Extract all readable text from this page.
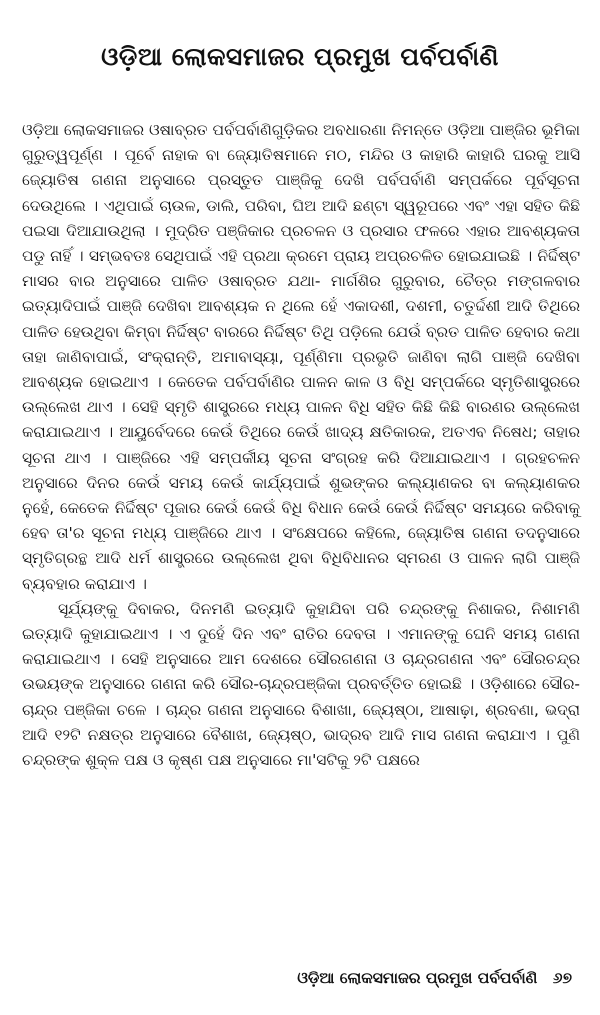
ଓଡ଼ିଆ ଲୋକସମାଜର ପ୍ରମୁଖ ପର୍ବପର୍ବାଣି

ଓଡ଼ିଆ ଲୋକସମାଜର ଓଷାବ୍ରତ ପର୍ବପର୍ବାଣିଗୁଡ଼ିକର ଅବଧାରଣା ନିମନ୍ତେ ଓଡ଼ିଆ ପାଞ୍ଜିର ଭୂମିକା ଗୁରୁତ୍ୱପୂର୍ଣ୍ଣ । ପୂର୍ବେ ନାହାକ ବା ଜ୍ୟୋତିଷମାନେ ମଠ, ମନ୍ଦିର ଓ କାହାରି କାହାରି ଘରକୁ ଆସି ଜ୍ୟୋତିଷ ଗଣନା ଅନୁସାରେ ପ୍ରସ୍ତୁତ ପାଞ୍ଜିକୁ ଦେଖି ପର୍ବପର୍ବାଣି ସମ୍ପର୍କରେ ପୂର୍ବସୂଚନା ଦେଉଥିଲେ । ଏଥିପାଇଁ ଚାଉଳ, ଡାଲି, ପରିବା, ଘିଅ ଆଦି ଛଣ୍ଟା ସ୍ୱରୂପରେ ଏବଂ ଏହା ସହିତ କିଛି ପଇସା ଦିଆଯାଉଥିଲା । ମୁଦ୍ରିତ ପଞ୍ଜିକାର ପ୍ରଚଳନ ଓ ପ୍ରସାର ଫଳରେ ଏହାର ଆବଶ୍ୟକତା ପଡୁ ନାହିଁ । ସମ୍ଭବତଃ ସେଥିପାଇଁ ଏହି ପ୍ରଥା କ୍ରମେ ପ୍ରାୟ ଅପ୍ରଚଳିତ ହୋଇଯାଇଛି । ନିର୍ଦ୍ଦିଷ୍ଟ ମାସର ବାର ଅନୁସାରେ ପାଳିତ ଓଷାବ୍ରତ ଯଥା- ମାର୍ଗଶିର ଗୁରୁବାର, ଚୈତ୍ର ମଙ୍ଗଳବାର ଇତ୍ୟାଦିପାଇଁ ପାଞ୍ଜି ଦେଖିବା ଆବଶ୍ୟକ ନ ଥିଲେ ହେଁ ଏକାଦଶୀ, ଦଶମୀ, ଚତୁର୍ଦ୍ଦଶୀ ଆଦି ତିଥିରେ ପାଳିତ ହେଉଥିବା କିମ୍ବା ନିର୍ଦ୍ଦିଷ୍ଟ ବାରରେ ନିର୍ଦ୍ଦିଷ୍ଟ ତିଥି ପଡ଼ିଲେ ଯେଉଁ ବ୍ରତ ପାଳିତ ହେବାର କଥା ତାହା ଜାଣିବାପାଇଁ, ସଂକ୍ରାନ୍ତି, ଅମାବାସ୍ୟା, ପୂର୍ଣ୍ଣିମା ପ୍ରଭୃତି ଜାଣିବା ଲାଗି ପାଞ୍ଜି ଦେଖିବା ଆବଶ୍ୟକ ହୋଇଥାଏ । କେତେକ ପର୍ବପର୍ବାଣିର ପାଳନ କାଳ ଓ ବିଧି ସମ୍ପର୍କରେ ସ୍ମୃତିଶାସ୍ତ୍ରରେ ଉଲ୍ଲେଖ ଥାଏ । ସେହି ସ୍ମୃତି ଶାସ୍ତ୍ରରେ ମଧ୍ୟ ପାଳନ ବିଧି ସହିତ କିଛି କିଛି ବାରଣର ଉଲ୍ଲେଖ କରାଯାଇଥାଏ । ଆୟୁର୍ବେଦରେ କେଉଁ ତିଥିରେ କେଉଁ ଖାଦ୍ୟ କ୍ଷତିକାରକ, ଅତଏବ ନିଷେଧ; ତାହାର ସୂଚନା ଥାଏ । ପାଞ୍ଜିରେ ଏହି ସମ୍ପର୍କୀୟ ସୂଚନା ସଂଗ୍ରହ କରି ଦିଆଯାଇଥାଏ । ଗ୍ରହଚଳନ ଅନୁସାରେ ଦିନର କେଉଁ ସମୟ କେଉଁ କାର୍ଯ୍ୟପାଇଁ ଶୁଭଙ୍କର କଲ୍ୟାଣକର ବା କଲ୍ୟାଣକର ନୁହେଁ, କେତେକ ନିର୍ଦ୍ଦିଷ୍ଟ ପୂଜାର କେଉଁ କେଉଁ ବିଧି ବିଧାନ କେଉଁ କେଉଁ ନିର୍ଦ୍ଦିଷ୍ଟ ସମୟରେ କରିବାକୁ ହେବ ତା'ର ସୂଚନା ମଧ୍ୟ ପାଞ୍ଜିରେ ଥାଏ । ସଂକ୍ଷେପରେ କହିଲେ, ଜ୍ୟୋତିଷ ଗଣନା ତଦନୁସାରେ ସ୍ମୃତିଗ୍ରନ୍ଥ ଆଦି ଧର୍ମ ଶାସ୍ତ୍ରରେ ଉଲ୍ଲେଖ ଥିବା ବିଧିବିଧାନର ସ୍ମରଣ ଓ ପାଳନ ଲାଗି ପାଞ୍ଜି ବ୍ୟବହାର କରାଯାଏ ।

ସୂର୍ଯ୍ୟଙ୍କୁ ଦିବାକର, ଦିନମଣି ଇତ୍ୟାଦି କୁହାଯିବା ପରି ଚନ୍ଦ୍ରଙ୍କୁ ନିଶାକର, ନିଶାମଣି ଇତ୍ୟାଦି କୁହାଯାଇଥାଏ । ଏ ଦୁହେଁ ଦିନ ଏବଂ ରାତିର ଦେବତା । ଏମାନଙ୍କୁ ଘେନି ସମୟ ଗଣନା କରାଯାଇଥାଏ । ସେହି ଅନୁସାରେ ଆମ ଦେଶରେ ସୌରଗଣନା ଓ ଚାନ୍ଦ୍ରଗଣନା ଏବଂ ସୌରଚନ୍ଦ୍ର ଉଭୟଙ୍କ ଅନୁସାରେ ଗଣନା କରି ସୌର-ଚାନ୍ଦ୍ରପଞ୍ଜିକା ପ୍ରବର୍ତ୍ତିତ ହୋଇଛି । ଓଡ଼ିଶାରେ ସୌର-ଚାନ୍ଦ୍ର ପଞ୍ଜିକା ଚଳେ । ଚାନ୍ଦ୍ର ଗଣନା ଅନୁସାରେ ବିଶାଖା, ଜ୍ୟେଷ୍ଠା, ଆଷାଢ଼ା, ଶ୍ରବଣା, ଭଦ୍ରା ଆଦି ୧୨ଟି ନକ୍ଷତ୍ର ଅନୁସାରେ ବୈଶାଖ, ଜ୍ୟେଷ୍ଠ, ଭାଦ୍ରବ ଆଦି ମାସ ଗଣନା କରାଯାଏ । ପୁଣି ଚନ୍ଦ୍ରଙ୍କ ଶୁକ୍ଳ ପକ୍ଷ ଓ କୃଷ୍ଣ ପକ୍ଷ ଅନୁସାରେ ମା'ସଟିକୁ ୨ଟି ପକ୍ଷରେ

ଓଡ଼ିଆ ଲୋକସମାଜର ପ୍ରମୁଖ ପର୍ବପର୍ବାଣି ୬୭
